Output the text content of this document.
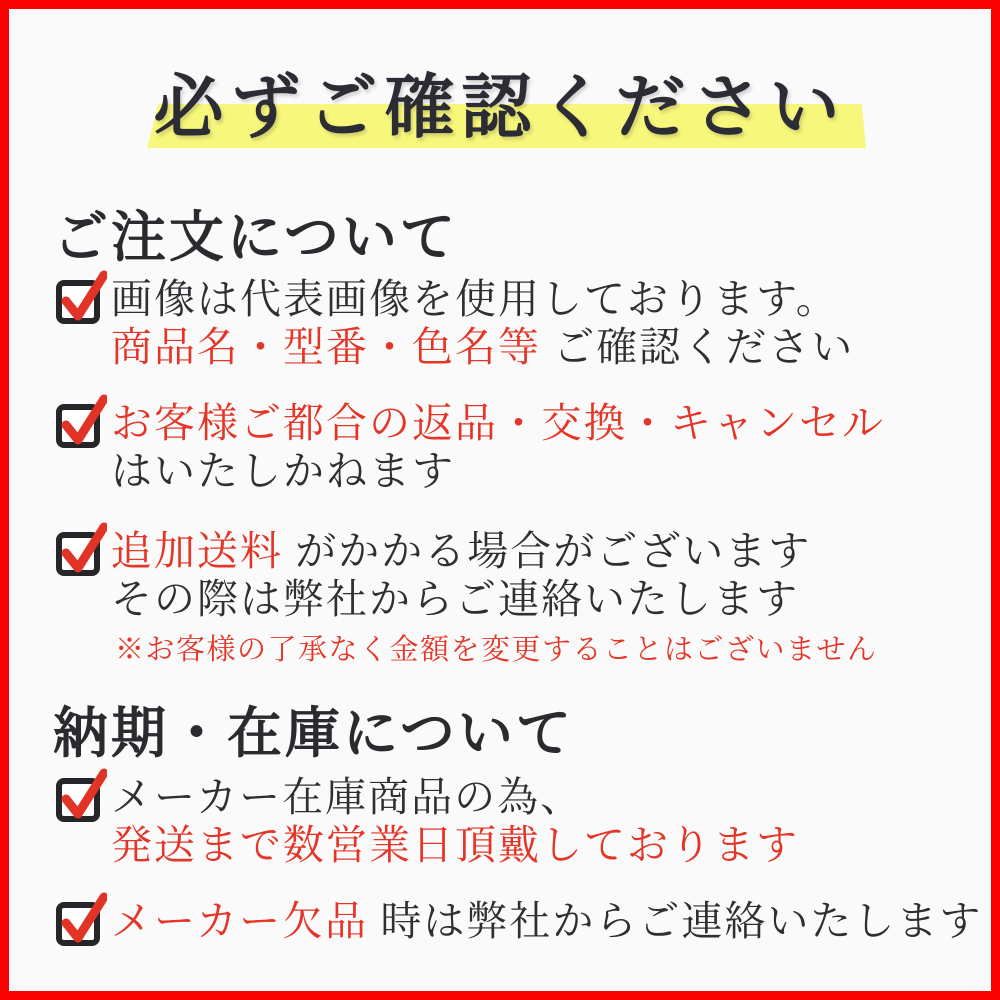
必ずご確認ください
ご注文について
画像は代表画像を使用しております。
商品名・型番・色名等 ご確認ください
お客様ご都合の返品・交換・キャンセル
はいたしかねます
追加送料 がかかる場合がございます
その際は弊社からご連絡いたします
※お客様の了承なく金額を変更することはございません
納期・在庫について
メーカー在庫商品の為、
発送まで数営業日頂戴しております
メーカー欠品 時は弊社からご連絡いたします
